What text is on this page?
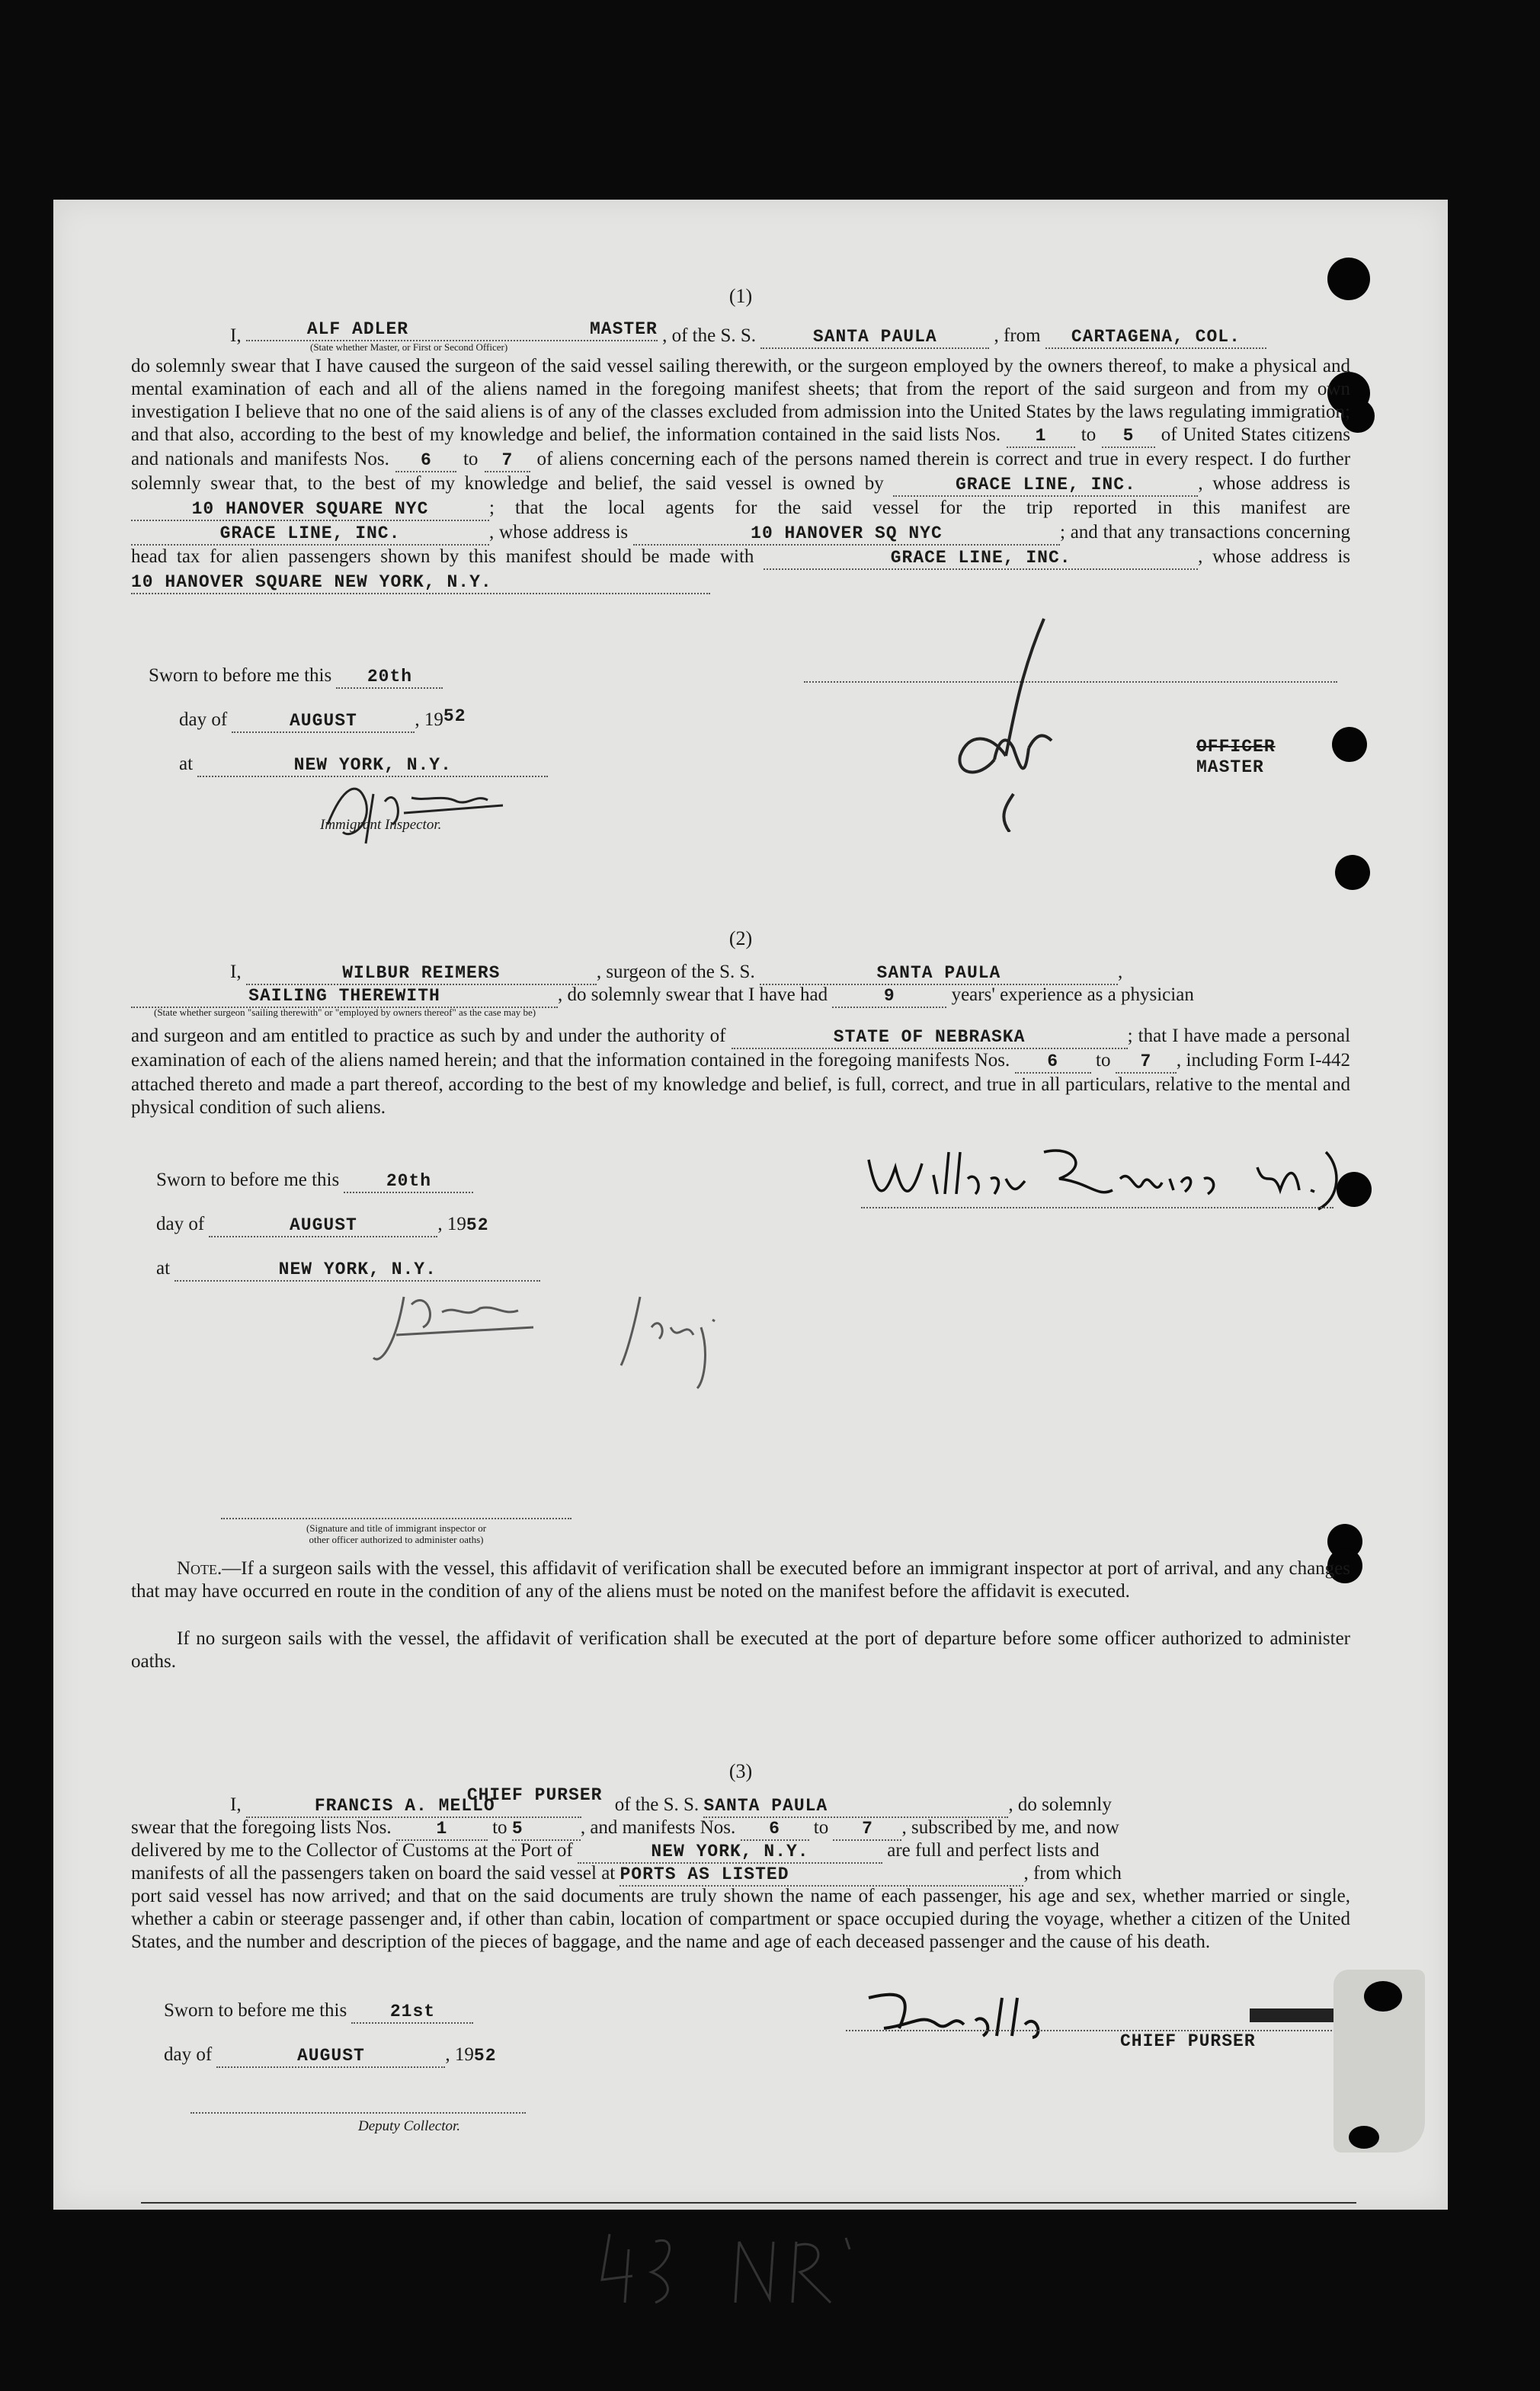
(1)
I,	ALF ADLER	MASTER , of the S. S.	SANTA PAULA	, from CARTAGENA, COL.
(State whether Master, or First or Second Officer)
do solemnly swear that I have caused the surgeon of the said vessel sailing therewith, or the surgeon employed by the owners thereof, to make a physical and mental examination of each and all of the aliens named in the foregoing manifest sheets; that from the report of the said surgeon and from my own investigation I believe that no one of the said aliens is of any of the classes excluded from admission into the United States by the laws regulating immigration; and that also, according to the best of my knowledge and belief, the information contained in the said lists Nos. 1 to 5 of United States citizens and nationals and manifests Nos. 6 to 7 of aliens concerning each of the persons named therein is correct and true in every respect. I do further solemnly swear that, to the best of my knowledge and belief, the said vessel is owned by	GRACE LINE, INC.	, whose address is 10 HANOVER SQUARE NYC	; that the local agents for the said vessel for the trip reported in this manifest are GRACE LINE, INC.	, whose address is	10 HANOVER SQ NYC	; and that any transactions concerning head tax for alien passengers shown by this manifest should be made with	GRACE LINE, INC.	, whose address is 10 HANOVER SQUARE NEW YORK, N.Y.
Sworn to before me this 20th
day of	AUGUST	, 1952
at	NEW YORK, N.Y.
Immigrant Inspector.
OFFICER
MASTER
(2)
I,	WILBUR REIMERS	, surgeon of the S. S.	SANTA PAULA	,
SAILING THEREWITH	, do solemnly swear that I have had	9	years' experience as a physician
(State whether surgeon "sailing therewith" or "employed by owners thereof" as the case may be)
and surgeon and am entitled to practice as such by and under the authority of	STATE OF NEBRASKA	; that I have made a personal examination of each of the aliens named herein; and that the information contained in the foregoing manifests Nos. 6 to 7 , including Form I-442 attached thereto and made a part thereof, according to the best of my knowledge and belief, is full, correct, and true in all particulars, relative to the mental and physical condition of such aliens.
Sworn to before me this	20th
day of	AUGUST	, 1952
at	NEW YORK, N.Y.
(Signature and title of immigrant inspector or
other officer authorized to administer oaths)
Note.—If a surgeon sails with the vessel, this affidavit of verification shall be executed before an immigrant inspector at port of arrival, and any changes that may have occurred en route in the condition of any of the aliens must be noted on the manifest before the affidavit is executed.
If no surgeon sails with the vessel, the affidavit of verification shall be executed at the port of departure before some officer authorized to administer oaths.
(3)
I,	FRANCIS A. MELLOCHIEF PURSER of the S. S. SANTA PAULA	, do solemnly
swear that the foregoing lists Nos.	1 to 5	, and manifests Nos. 6 to 7 , subscribed by me, and now
delivered by me to the Collector of Customs at the Port of	NEW YORK, N.Y.	are full and perfect lists and
manifests of all the passengers taken on board the said vessel at PORTS AS LISTED	, from which
port said vessel has now arrived; and that on the said documents are truly shown the name of each passenger, his age and sex, whether married or single, whether a cabin or steerage passenger and, if other than cabin, location of compartment or space occupied during the voyage, whether a citizen of the United States, and the number and description of the pieces of baggage, and the name and age of each deceased passenger and the cause of his death.
Sworn to before me this 21st
day of	AUGUST	, 1952
Deputy Collector.
CHIEF PURSER
